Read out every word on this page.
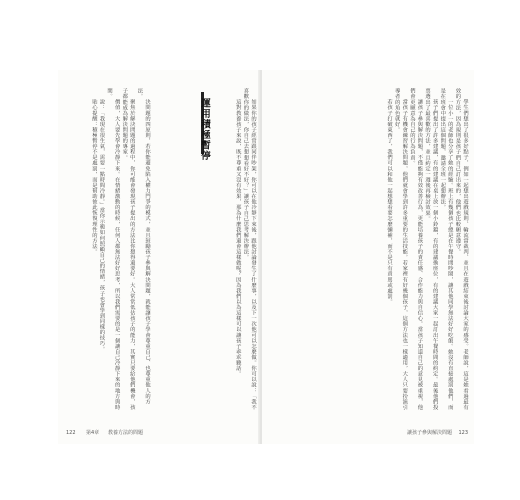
如果你的孩子經常跟同伴吵架，你可以在他冷靜下來後，跟他討論發生了什麼事，以及下一次他可以怎麼做。你可以說：「我不喜歡你的做法，你自己去想想看好不好？」讓孩子自己思考解決辦法。

這對教養孩子來說，既不尊重又沒有效果，那為什麼我們還會這樣做呢？因為我們以為這樣可以讓孩子乖乖聽話。

運用積極暫停

決問題的四原則，若你能避免陷入權力鬥爭的模式，並且鼓勵孩子參與解決問題，就能讓孩子學會尊重自己、也尊重他人的方法。

聚焦於解決問題的過程中，你可能會發現孩子提出的方法比你想得還要好。大人常常低估孩子的能力，其實只要給他們機會，孩子都能成為解決問題的專家。

價值，大人要先學會冷靜下來。在情緒激動的時候，任何人都無法好好思考，所以我們需要的是一個讓自己冷靜下來的地方與時間。

說：「我現在很生氣，需要一點時間冷靜。」當你示範如何照顧自己的情緒，孩子也會學到同樣的技巧。

貼心提醒：積極暫停不是處罰，而是幫助彼此恢復理性的方法。

122 第4章 教養方法的問題

學生們想出了很多好點子，例如一起想出遊戲規則、輪流當裁判、並且在遊戲結束後討論大家的感受。老師說，這是她看過最有效的方法，因為規則是孩子們自己訂出來的，他們也比較願意遵守。

一位小一的老師也分享了她的經驗。班上有幾個孩子總是在午餐時間吵鬧，讓其他同學無法好好吃飯。她沒有直接處罰他們，而是在班會中提出這個問題，邀請全班一起想辦法。

孩子們提出了許多建議，有的建議在桌上放一個小鈴鐺，有的建議換座位，有的建議大家一起訂出午餐時間的約定。最後他們投票選出了最喜歡的方法，並且約定一週後再檢討效果。

讓孩子參與解決問題，不僅能夠有效改善行為，更能培養孩子的責任感、合作能力與自信心。當孩子知道自己的意見被重視，他們會更願意為自己的行為負責。

當孩子有機會練習解決問題，他們就會學到許多重要的生活技能。若家裡有好幾個孩子，這個方法也一樣適用，大人只要扮演引導者的角色就好。

若孩子打破東西了，我們可以和他一起想想看要怎麼彌補，而不是只有責罵或處罰。

讓孩子參與解決問題 123
